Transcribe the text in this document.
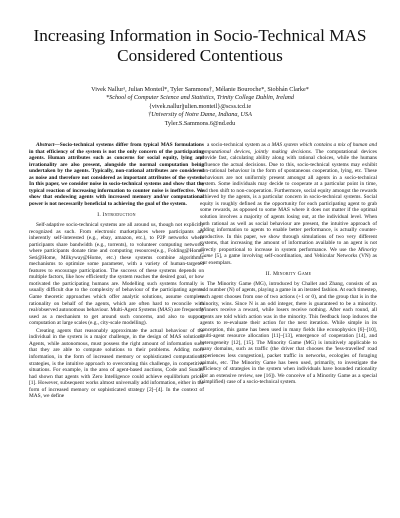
Increasing Information in Socio-Technical MAS
Considered Contentious
Vivek Nallur¹, Julian Monteil*, Tyler Sammons†, Mélanie Bouroche*, Siobhán Clarke*
*School of Computer Science and Statistics, Trinity College Dublin, Ireland
{vivek.nallur|julien.monteil}@scss.tcd.ie
†University of Notre Dame, Indiana, USA
Tyler.S.Sammons.6@nd.edu

Abstract—Socio-technical systems differ from typical MAS formulations in that efficiency of the system is not the only concern of the participating agents. Human attributes such as concerns for social equity, lying and irrationality are also present, alongside the normal computation being undertaken by the agents. Typically, non-rational attributes are considered as noise and therefore not considered as important attributes of the system. In this paper, we consider noise in socio-technical systems and show that the typical reaction of increasing information to counter noise is ineffective. We show that endowing agents with increased memory and/or computational power is not necessarily beneficial to achieving the goal of the system.

I. Introduction

Self-adaptive socio-technical systems are all around us, though not explicitly recognized as such. From electronic marketplaces where participants are inherently self-interested (e.g., ebay, amazon, etc.), to P2P networks where participants share bandwidth (e.g., torrents), to volunteer computing networks where participants donate time and computing resources(e.g., Folding@Home, Seti@Home, Milkyway@Home, etc.) these systems combine algorithmic mechanisms to optimize some parameter, with a variety of human-targeted features to encourage participation. The success of these systems depends on multiple factors, like how efficiently the system reaches the desired goal, or how motivated the participating humans are. Modelling such systems formally is usually difficult due to the complexity of behaviour of the participating agents. Game theoretic approaches which offer analytic solutions, assume complete rationality on behalf of the agents, which are often hard to reconcile with real/observed autonomous behaviour. Multi-Agent Systems (MAS) are frequently used as a mechanism to get around such concerns, and also to support computation at large scales (e.g., city-scale modelling).

Creating agents that reasonably approximate the actual behaviour of the individual in the system is a major challenge, in the design of MAS solutions. Agents, while autonomous, must possess the right amount of information such that they are able to compute solutions to their problems. Adding more information, in the form of increased memory or sophisticated computational strategies, is the intuitive approach to overcoming this challenge, in competitive situations. For example, in the area of agent-based auctions, Code and Sunder had shown that agents with Zero Intelligence could achieve equilibrium prices [1]. However, subsequent works almost universally add information, either in the form of increased memory or sophisticated strategy [2]–[4]. In the context of MAS, we define

a socio-technical system as a MAS system which contains a mix of human and computational devices, jointly making decisions. The computational devices provide fast, calculating ability along with rational choices, while the humans influence the actual decisions. Due to this, socio-technical systems may exhibit non-rational behaviour in the form of spontaneous cooperation, lying, etc. These behaviours are not uniformly present amongst all agents in a socio-technical system. Some individuals may decide to cooperate at a particular point in time, and then shift to non-cooperation. Furthermore, social equity amongst the rewards achieved by the agents, is a particular concern in socio-technical systems. Social equity is roughly defined as the opportunity for each participating agent to grab some rewards, as opposed to some MAS where it does not matter if the optimal solution involves a majority of agents losing out, at the individual level. When both rational as well as social behaviour are present, the intuitive approach of adding information to agents to enable better performance, is actually counter-productive. In this paper, we show through simulations of two very different systems, that increasing the amount of information available to an agent is not directly proportional to increase in system performance. We use the Minority Game [5], a game involving self-coordination, and Vehicular Networks (VN) as our exemplars.

II. Minority Game

The Minority Game (MG), introduced by Challet and Zhang, consists of an odd number (N) of agents, playing a game in an iterated fashion. At each timestep, each agent chooses from one of two actions (+1 or 0), and the group that is in the minority, wins. Since N is an odd integer, there is guaranteed to be a minority. Winners receive a reward, while losers receive nothing. After each round, all agents are told which action was in the minority. This feedback loop induces the agents to re-evaluate their action for the next iteration. While simple in its conception, this game has been used in many fields like econophysics [6]–[10], multi-agent resource allocation [11]–[13], emergence of cooperation [14], and heterogeneity [12], [15]. The Minority Game (MG) is intuitively applicable to many domains, such as traffic (the driver that chooses the 'less-travelled' road experiences less congestion), packet traffic in networks, ecologies of foraging animals, etc. The Minority Game has been used, primarily, to investigate the efficiency of strategies in the system when individuals have bounded rationality (for an extensive review, see [16]). We conceive of a Minority Game as a special (simplified) case of a socio-technical system.
